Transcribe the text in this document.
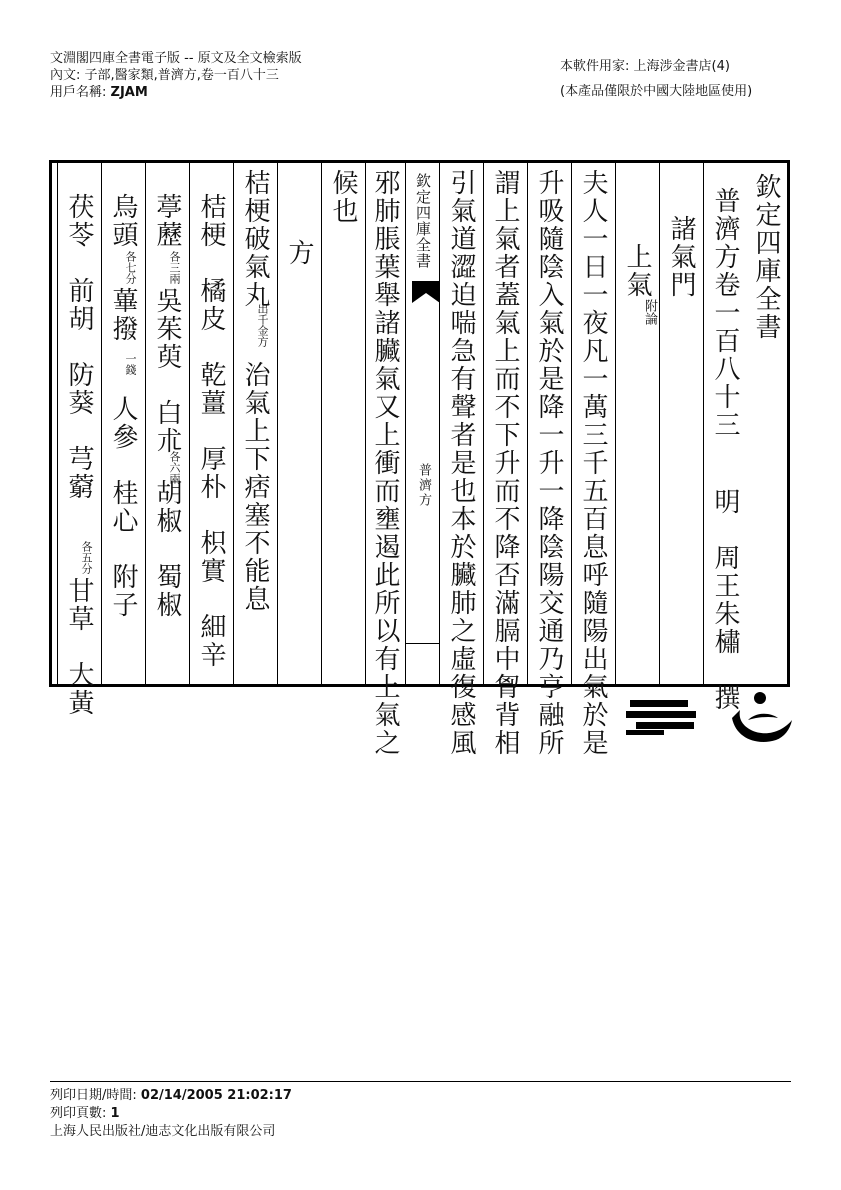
文淵閣四庫全書電子版 -- 原文及全文檢索版
內文: 子部,醫家類,普濟方,卷一百八十三
用戶名稱: ZJAM
本軟件用家: 上海涉金書店(4)
(本產品僅限於中國大陸地區使用)
欽定四庫全書
普濟方卷一百八十三
明　周王朱橚　撰
諸氣門
上氣
附論
夫人一日一夜凡一萬三千五百息呼隨陽出氣於是
升吸隨陰入氣於是降一升一降陰陽交通乃亨融所
謂上氣者蓋氣上而不下升而不降否滿膈中胷背相
引氣道澀迫喘急有聲者是也本於臟肺之虛復感風
欽定四庫全書
普濟方
邪肺脹葉舉諸臟氣又上衝而壅遏此所以有上氣之
候也
方
桔梗破氣丸
出千金方
治氣上下痞塞不能息
桔梗　橘皮　乾薑　厚朴　枳實　細辛
葶藶
各三兩
吳茱萸　白朮
各六兩
胡椒　蜀椒
烏頭
各七分
蓽撥
一錢
人參　桂心　附子
茯苓　前胡　防葵　芎藭
各五分
甘草　大黃
列印日期/時間: 02/14/2005 21:02:17
列印頁數: 1
上海人民出版社/迪志文化出版有限公司
